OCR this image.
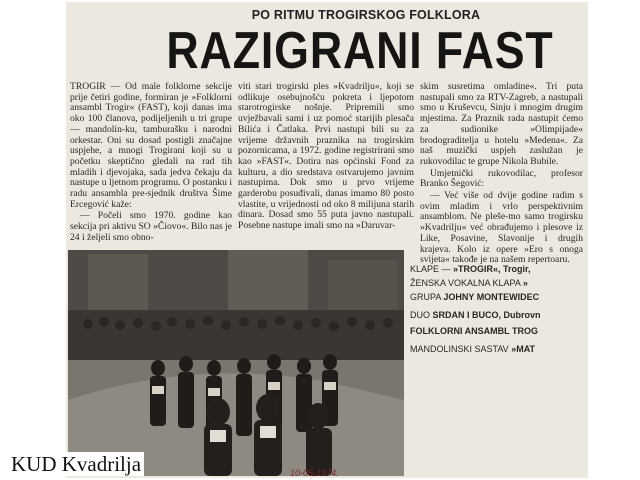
PO RITMU TROGIRSKOG FOLKLORA
RAZIGRANI FAST

TROGIR — Od male folklorne sekcije prije četiri godine, formiran je »Folklorni ansambl Trogir« (FAST), koji danas ima oko 100 članova, podijeljenih u tri grupe — mandolin-ku, tamburašku i narodni orkestar. Oni su dosad postigli značajne uspjehe, a mnogi Trogirani koji su u početku skeptično gledali na rad tih mladih i djevojaka, sada jedva čekaju da nastupe u ljetnom programu. O postanku i radu ansambla pre-sjednik društva Šime Ercegović kaže:

— Počeli smo 1970. godine kao sekcija pri aktivu SO »Čiovo«. Bilo nas je 24 i željeli smo obno-

viti stari trogirski ples »Kvadrilju«, koji se odlikuje osebujnošću pokreta i ljepotom starotrogirske nošnje. Pripremili smo uvježbavali sami i uz pomoć starijih plesača Bilića i Čatlaka. Prvi nastupi bili su za vrijeme državnih praznika na trogirskim pozornicama, a 1972. godine registrirani smo kao »FAST«. Dotira nas općinski Fond za kulturu, a dio sredstava ostvarujemo javnim nastupima. Dok smo u prvo vrijeme garderobu posuđivali, danas imamo 80 posto vlastite, u vrijednosti od oko 8 milijuna starih dinara. Dosad smo 55 puta javno nastupali. Posebne nastupe imali smo na »Daruvar-

skim susretima omladine«. Tri puta nastupali smo za RTV-Zagreb, a nastupali smo u Kruševcu, Sinju i mnogim drugim mjestima. Za Praznik rada nastupit ćemo za sudionike »Olimpijade« brodograditelja u hotelu »Medena«. Za naš muzički uspjeh zaslužan je rukovodilac te grupe Nikola Bubile.

Umjetnički rukovodilac, profesor Branko Šegović:

— Već više od dvije godine radim s ovim mladim i vrlo perspektivnim ansamblom. Ne pleše-mo samo trogirsku »Kvadrilju« već obrađujemo i plesove iz Like, Posavine, Slavonije i drugih krajeva. Kolo iz opere »Ero s onoga svijeta« takođe je na našem repertoaru.

KLAPE — »TROGIR«, Trogir,
ŽENSKA VOKALNA KLAPA »
GRUPA JOHNY MONTEWIDEC
DUO SRDAN I BUCO, Dubrovn
FOLKLORNI ANSAMBL TROG
MANDOLINSKI SASTAV »MAT
10-05-1974.
KUD Kvadrilja
